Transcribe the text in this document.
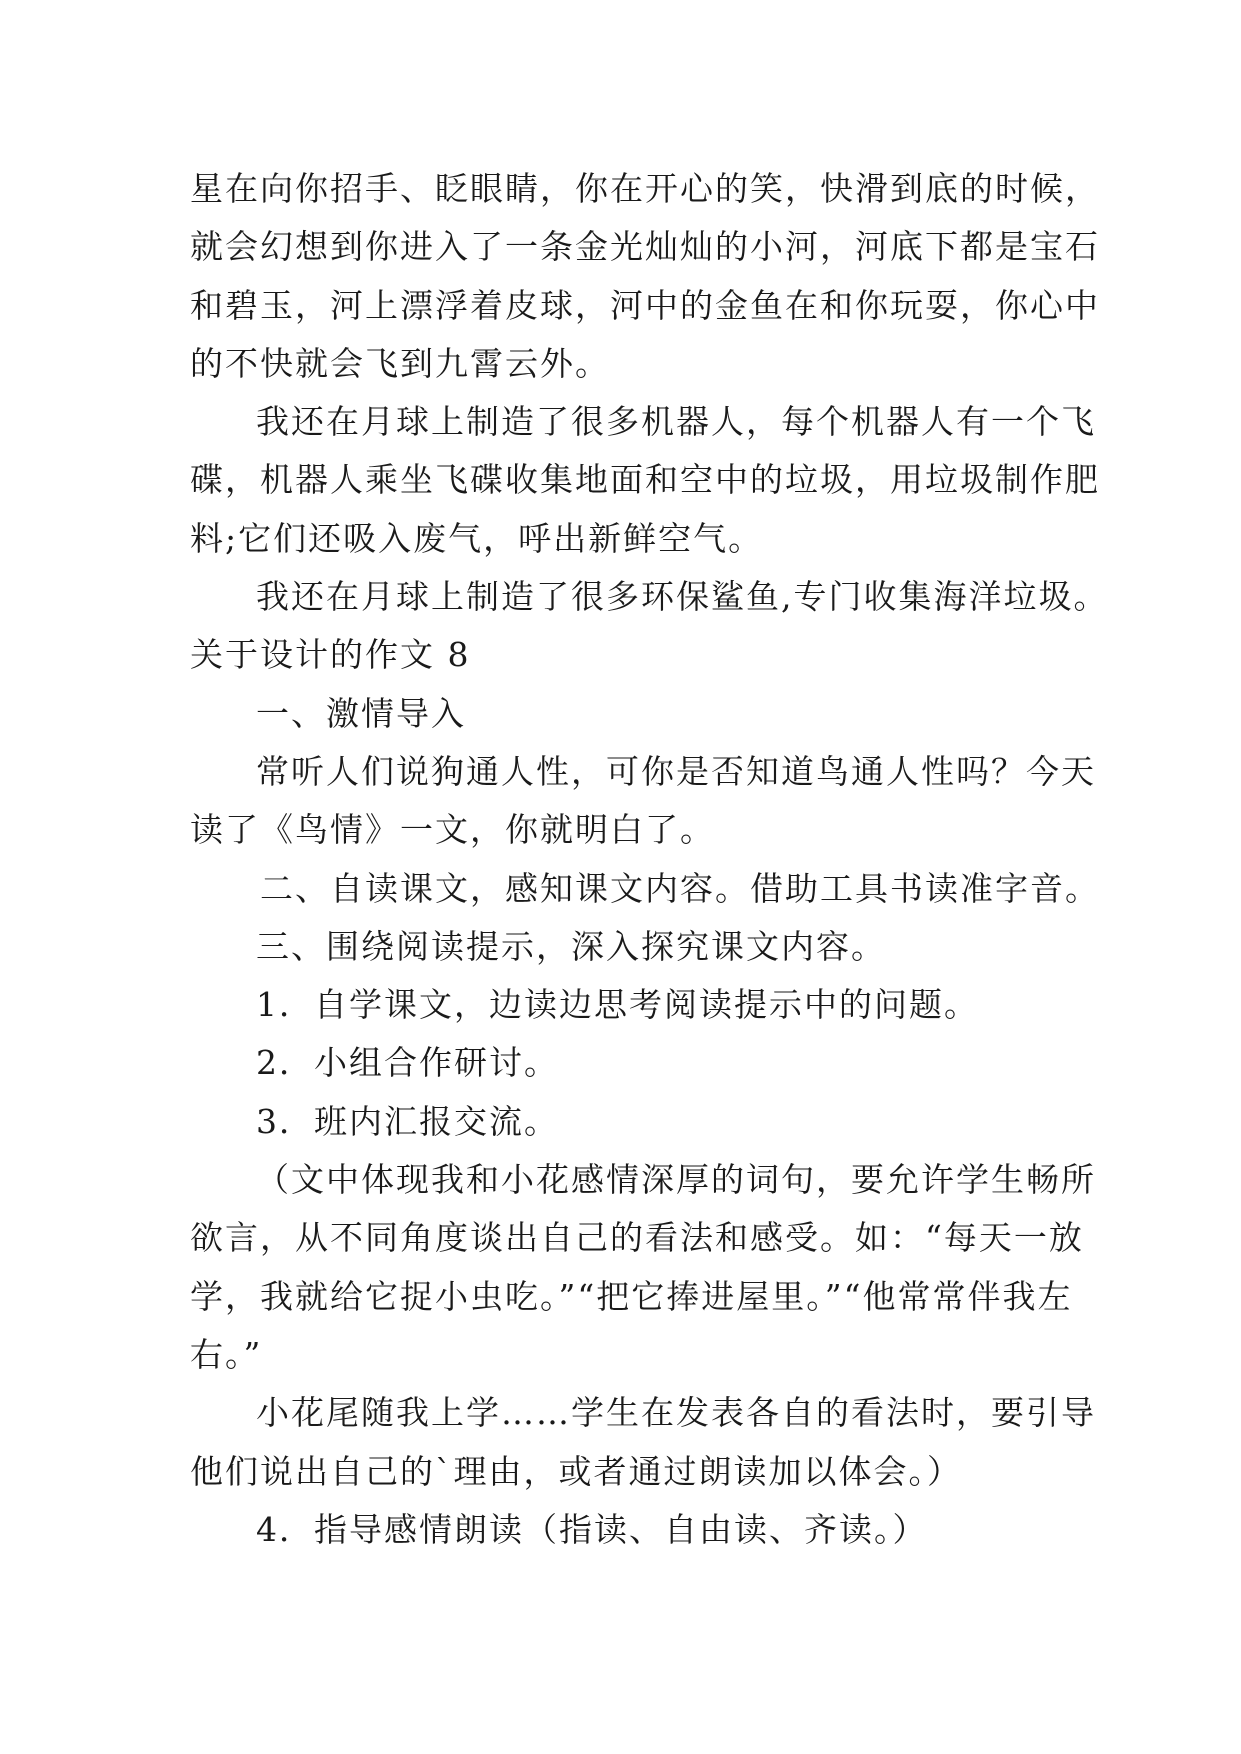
星在向你招手、眨眼睛，你在开心的笑，快滑到底的时候，
就会幻想到你进入了一条金光灿灿的小河，河底下都是宝石
和碧玉，河上漂浮着皮球，河中的金鱼在和你玩耍，你心中
的不快就会飞到九霄云外。
我还在月球上制造了很多机器人，每个机器人有一个飞
碟，机器人乘坐飞碟收集地面和空中的垃圾，用垃圾制作肥
料;它们还吸入废气，呼出新鲜空气。
我还在月球上制造了很多环保鲨鱼,专门收集海洋垃圾。
关于设计的作文 8
一、激情导入
常听人们说狗通人性，可你是否知道鸟通人性吗？今天
读了《鸟情》一文，你就明白了。
二、自读课文，感知课文内容。借助工具书读准字音。
三、围绕阅读提示，深入探究课文内容。
1．自学课文，边读边思考阅读提示中的问题。
2．小组合作研讨。
3．班内汇报交流。
（文中体现我和小花感情深厚的词句，要允许学生畅所
欲言，从不同角度谈出自己的看法和感受。如：“每天一放
学，我就给它捉小虫吃。”“把它捧进屋里。”“他常常伴我左
右。”
小花尾随我上学……学生在发表各自的看法时，要引导
他们说出自己的`理由，或者通过朗读加以体会。）
4．指导感情朗读（指读、自由读、齐读。）
